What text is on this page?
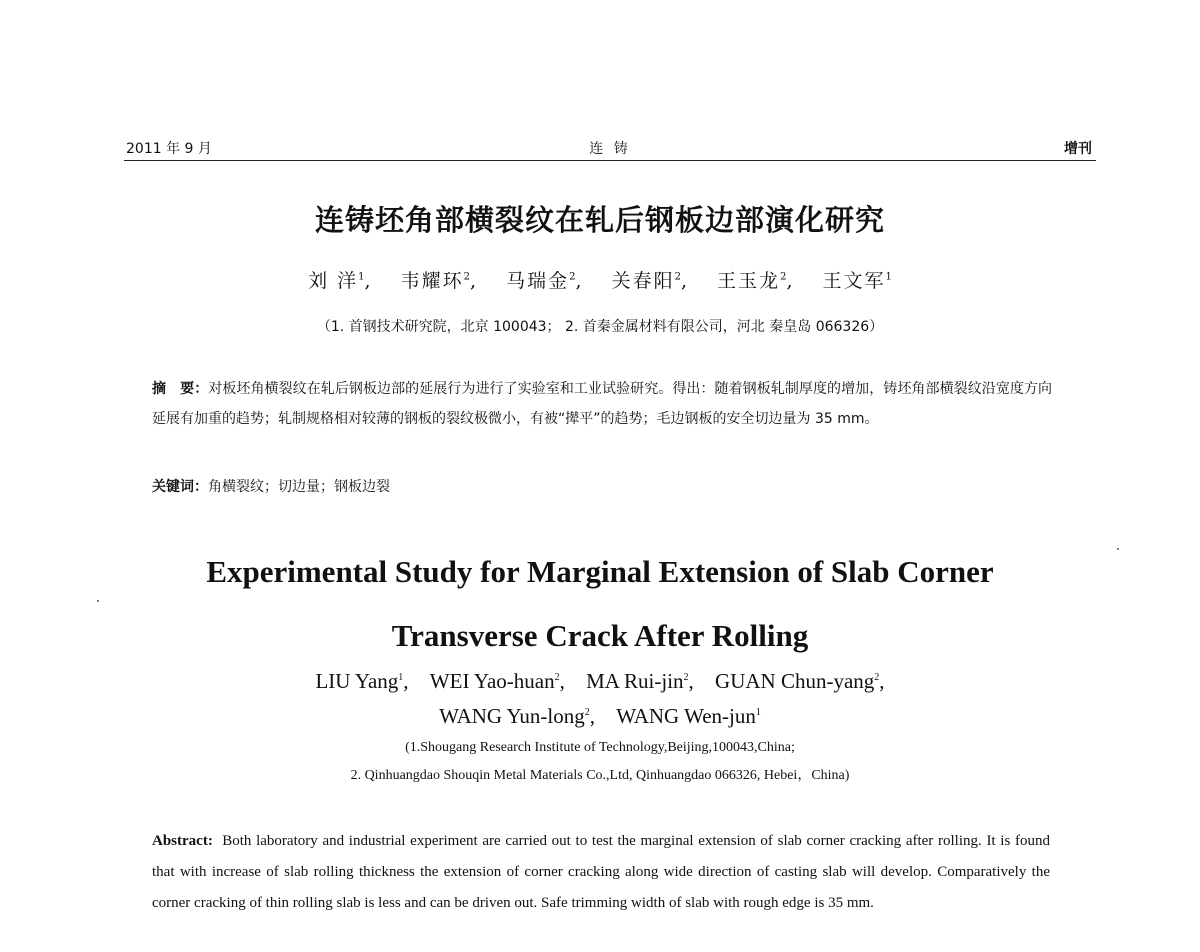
2011 年 9 月	连 铸	增刊
连铸坯角部横裂纹在轧后钢板边部演化研究
刘 洋$^1$, 韦耀环$^2$, 马瑞金$^2$, 关春阳$^2$, 王玉龙$^2$, 王文军$^1$
（1. 首钢技术研究院，北京 100043； 2. 首秦金属材料有限公司，河北 秦皇岛 066326）
摘　要：对板坯角横裂纹在轧后钢板边部的延展行为进行了实验室和工业试验研究。得出：随着钢板轧制厚度的增加，铸坯角部横裂纹沿宽度方向延展有加重的趋势；轧制规格相对较薄的钢板的裂纹极微小，有被“撵平”的趋势；毛边钢板的安全切边量为 35 mm。
关键词：角横裂纹；切边量；钢板边裂
Experimental Study for Marginal Extension of Slab Corner
Transverse Crack After Rolling
LIU Yang$^1$, WEI Yao-huan$^2$, MA Rui-jin$^2$, GUAN Chun-yang$^2$,
WANG Yun-long$^2$, WANG Wen-jun$^1$
(1.Shougang Research Institute of Technology,Beijing,100043,China;
2. Qinhuangdao Shouqin Metal Materials Co.,Ltd, Qinhuangdao 066326, Hebei，China)
Abstract: Both laboratory and industrial experiment are carried out to test the marginal extension of slab corner cracking after rolling. It is found that with increase of slab rolling thickness the extension of corner cracking along wide direction of casting slab will develop. Comparatively the corner cracking of thin rolling slab is less and can be driven out. Safe trimming width of slab with rough edge is 35 mm.
